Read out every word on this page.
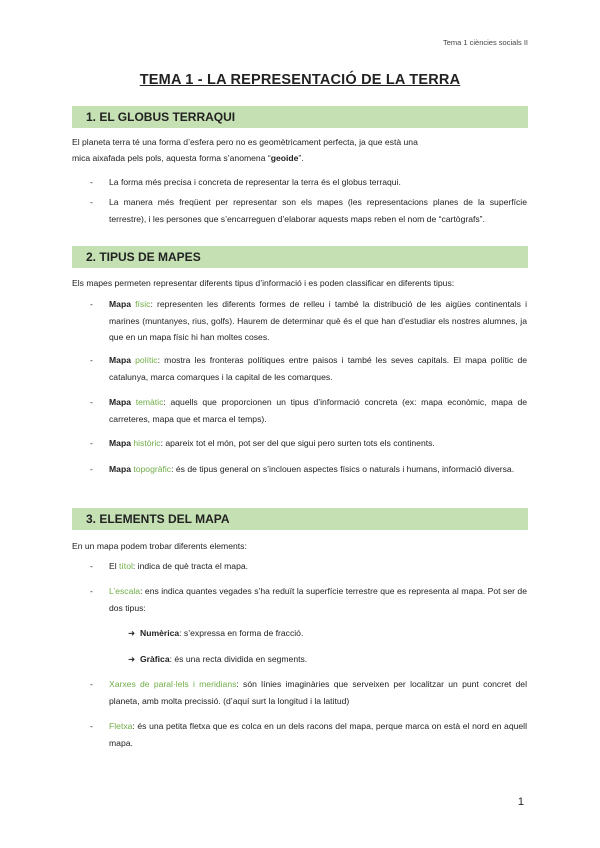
Tema 1 ciències socials II
TEMA 1 - LA REPRESENTACIÓ DE LA TERRA
1. EL GLOBUS TERRAQUI
El planeta terra té una forma d’esfera pero no es geomètricament perfecta, ja que està una
mica aixafada pels pols, aquesta forma s’anomena “geoide”.
- La forma més precisa i concreta de representar la terra és el globus terraqui.
- La manera més freqüent per representar son els mapes (les representacions planes de la superfície terrestre), i les persones que s’encarreguen d’elaborar aquests maps reben el nom de “cartògrafs”.
2. TIPUS DE MAPES
Els mapes permeten representar diferents tipus d’informació i es poden classificar en diferents tipus:
- Mapa físic: representen les diferents formes de relleu i també la distribució de les aigües continentals i marines (muntanyes, rius, golfs). Haurem de determinar què és el que han d’estudiar els nostres alumnes, ja que en un mapa físic hi han moltes coses.
- Mapa polític: mostra les fronteras polítiques entre paisos i també les seves capitals. El mapa polític de catalunya, marca comarques i la capital de les comarques.
- Mapa temàtic: aquells que proporcionen un tipus d’informació concreta (ex: mapa econòmic, mapa de carreteres, mapa que et marca el temps).
- Mapa històric: apareix tot el món, pot ser del que sigui pero surten tots els continents.
- Mapa topogràfic: és de tipus general on s’inclouen aspectes físics o naturals i humans, informació diversa.
3. ELEMENTS DEL MAPA
En un mapa podem trobar diferents elements:
- El títol: indica de què tracta el mapa.
- L’escala: ens indica quantes vegades s’ha reduït la superfície terrestre que es representa al mapa. Pot ser de dos tipus:
➜ Numèrica: s’expressa en forma de fracció.
➜ Gràfica: és una recta dividida en segments.
- Xarxes de paral·lels i meridians: són línies imaginàries que serveixen per localitzar un punt concret del planeta, amb molta precissió. (d’aquí surt la longitud i la latitud)
- Fletxa: és una petita fletxa que es colca en un dels racons del mapa, perque marca on està el nord en aquell mapa.
1
